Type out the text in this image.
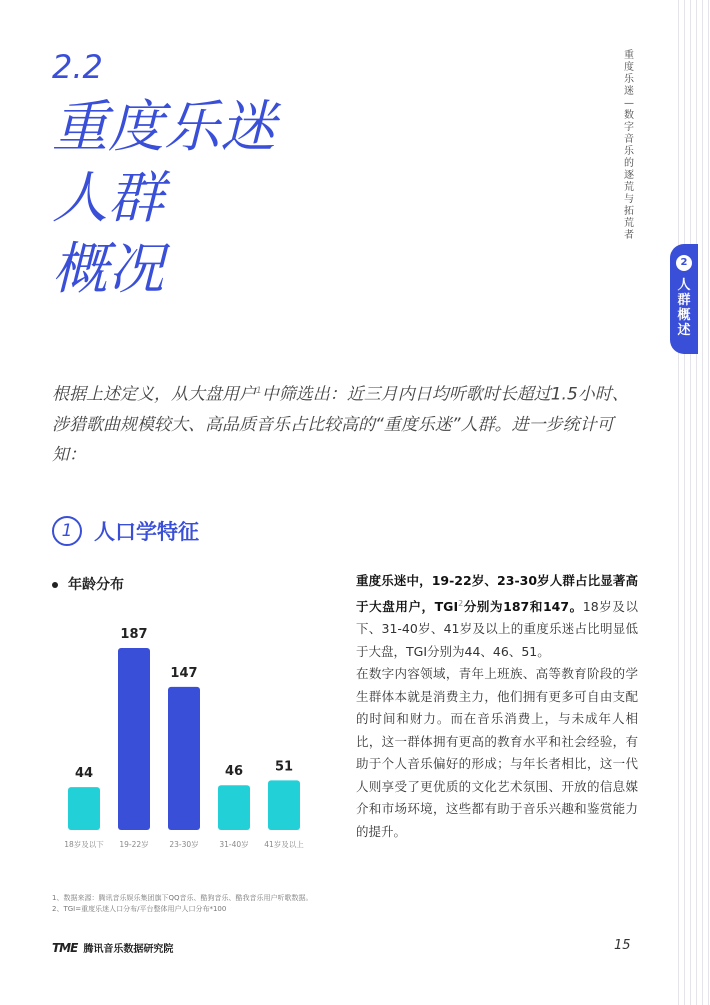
重度乐迷—数字音乐的逐荒与拓荒者
2
人群概述
2.2
重度乐迷
人群
概况
根据上述定义，从大盘用户$^1$中筛选出：近三月内日均听歌时长超过1.5小时、涉猎歌曲规模较大、高品质音乐占比较高的“重度乐迷”人群。进一步统计可知：
1	人口学特征
年龄分布
44
18岁及以下
187
19-22岁
147
23-30岁
46
31-40岁
51
41岁及以上
重度乐迷中，19-22岁、23-30岁人群占比显著高于大盘用户，TGI$^2$分别为187和147。18岁及以下、31-40岁、41岁及以上的重度乐迷占比明显低于大盘，TGI分别为44、46、51。
在数字内容领域，青年上班族、高等教育阶段的学生群体本就是消费主力，他们拥有更多可自由支配的时间和财力。而在音乐消费上，与未成年人相比，这一群体拥有更高的教育水平和社会经验，有助于个人音乐偏好的形成；与年长者相比，这一代人则享受了更优质的文化艺术氛围、开放的信息媒介和市场环境，这些都有助于音乐兴趣和鉴赏能力的提升。
1、数据来源：腾讯音乐娱乐集团旗下QQ音乐、酷狗音乐、酷我音乐用户听歌数据。
2、TGI=重度乐迷人口分布/平台整体用户人口分布*100
TME 腾讯音乐数据研究院	15
